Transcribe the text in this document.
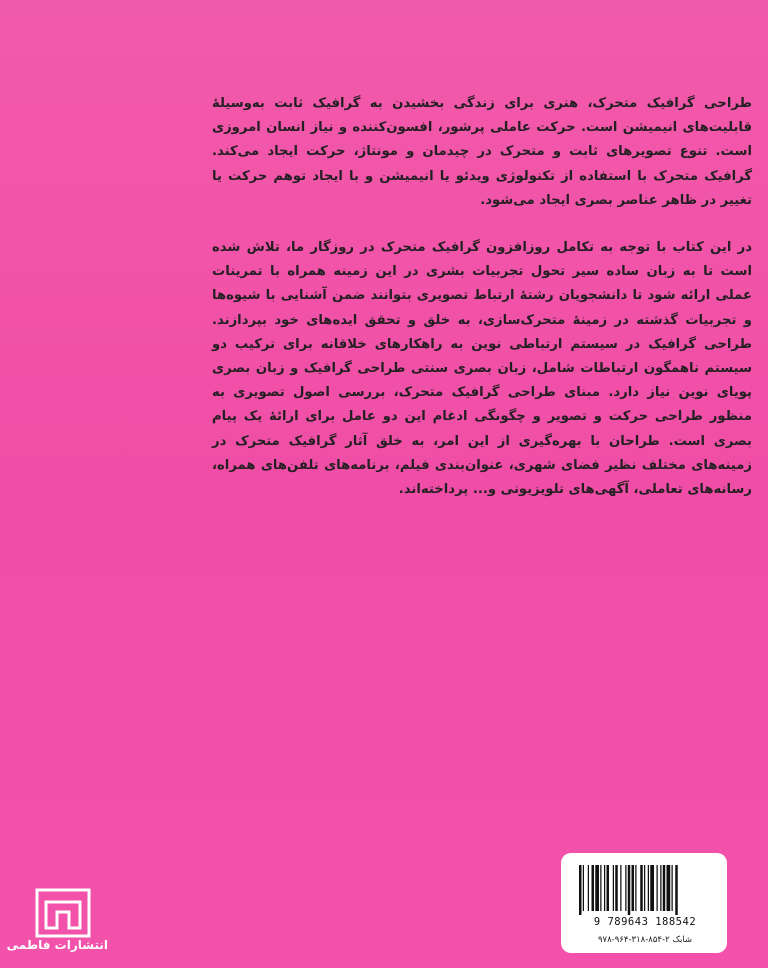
طراحی گرافیک متحرک، هنری برای زندگی بخشیدن به گرافیک ثابت به‌وسیلهٔ قابلیت‌های انیمیشن است. حرکت عاملی پرشور، افسون‌کننده و نیاز انسان امروزی است. تنوع تصویرهای ثابت و متحرک در چیدمان و مونتاژ، حرکت ایجاد می‌کند. گرافیک متحرک با استفاده از تکنولوژی ویدئو یا انیمیشن و با ایجاد توهم حرکت یا تغییر در ظاهر عناصر بصری ایجاد می‌شود.

در این کتاب با توجه به تکامل روزافزون گرافیک متحرک در روزگار ما، تلاش شده است تا به زبان ساده سیر تحول تجربیات بشری در این زمینه همراه با تمرینات عملی ارائه شود تا دانشجویان رشتهٔ ارتباط تصویری بتوانند ضمن آشنایی با شیوه‌ها و تجربیات گذشته در زمینهٔ متحرک‌سازی، به خلق و تحقق ایده‌های خود بپردازند. طراحی گرافیک در سیستم ارتباطی نوین به راهکارهای خلاقانه برای ترکیب دو سیستم ناهمگون ارتباطات شامل، زبان بصری سنتی طراحی گرافیک و زبان بصری پویای نوین نیاز دارد. مبنای طراحی گرافیک متحرک، بررسی اصول تصویری به منظور طراحی حرکت و تصویر و چگونگی ادغام این دو عامل برای ارائهٔ یک پیام بصری است. طراحان با بهره‌گیری از این امر، به خلق آثار گرافیک متحرک در زمینه‌های مختلف نظیر فضای شهری، عنوان‌بندی فیلم، برنامه‌های تلفن‌های همراه، رسانه‌های تعاملی، آگهی‌های تلویزیونی و... پرداخته‌اند.

9 789643 188542
شابک ۲-۸۵۴-۳۱۸-۹۶۴-۹۷۸
انتشارات فاطمی
